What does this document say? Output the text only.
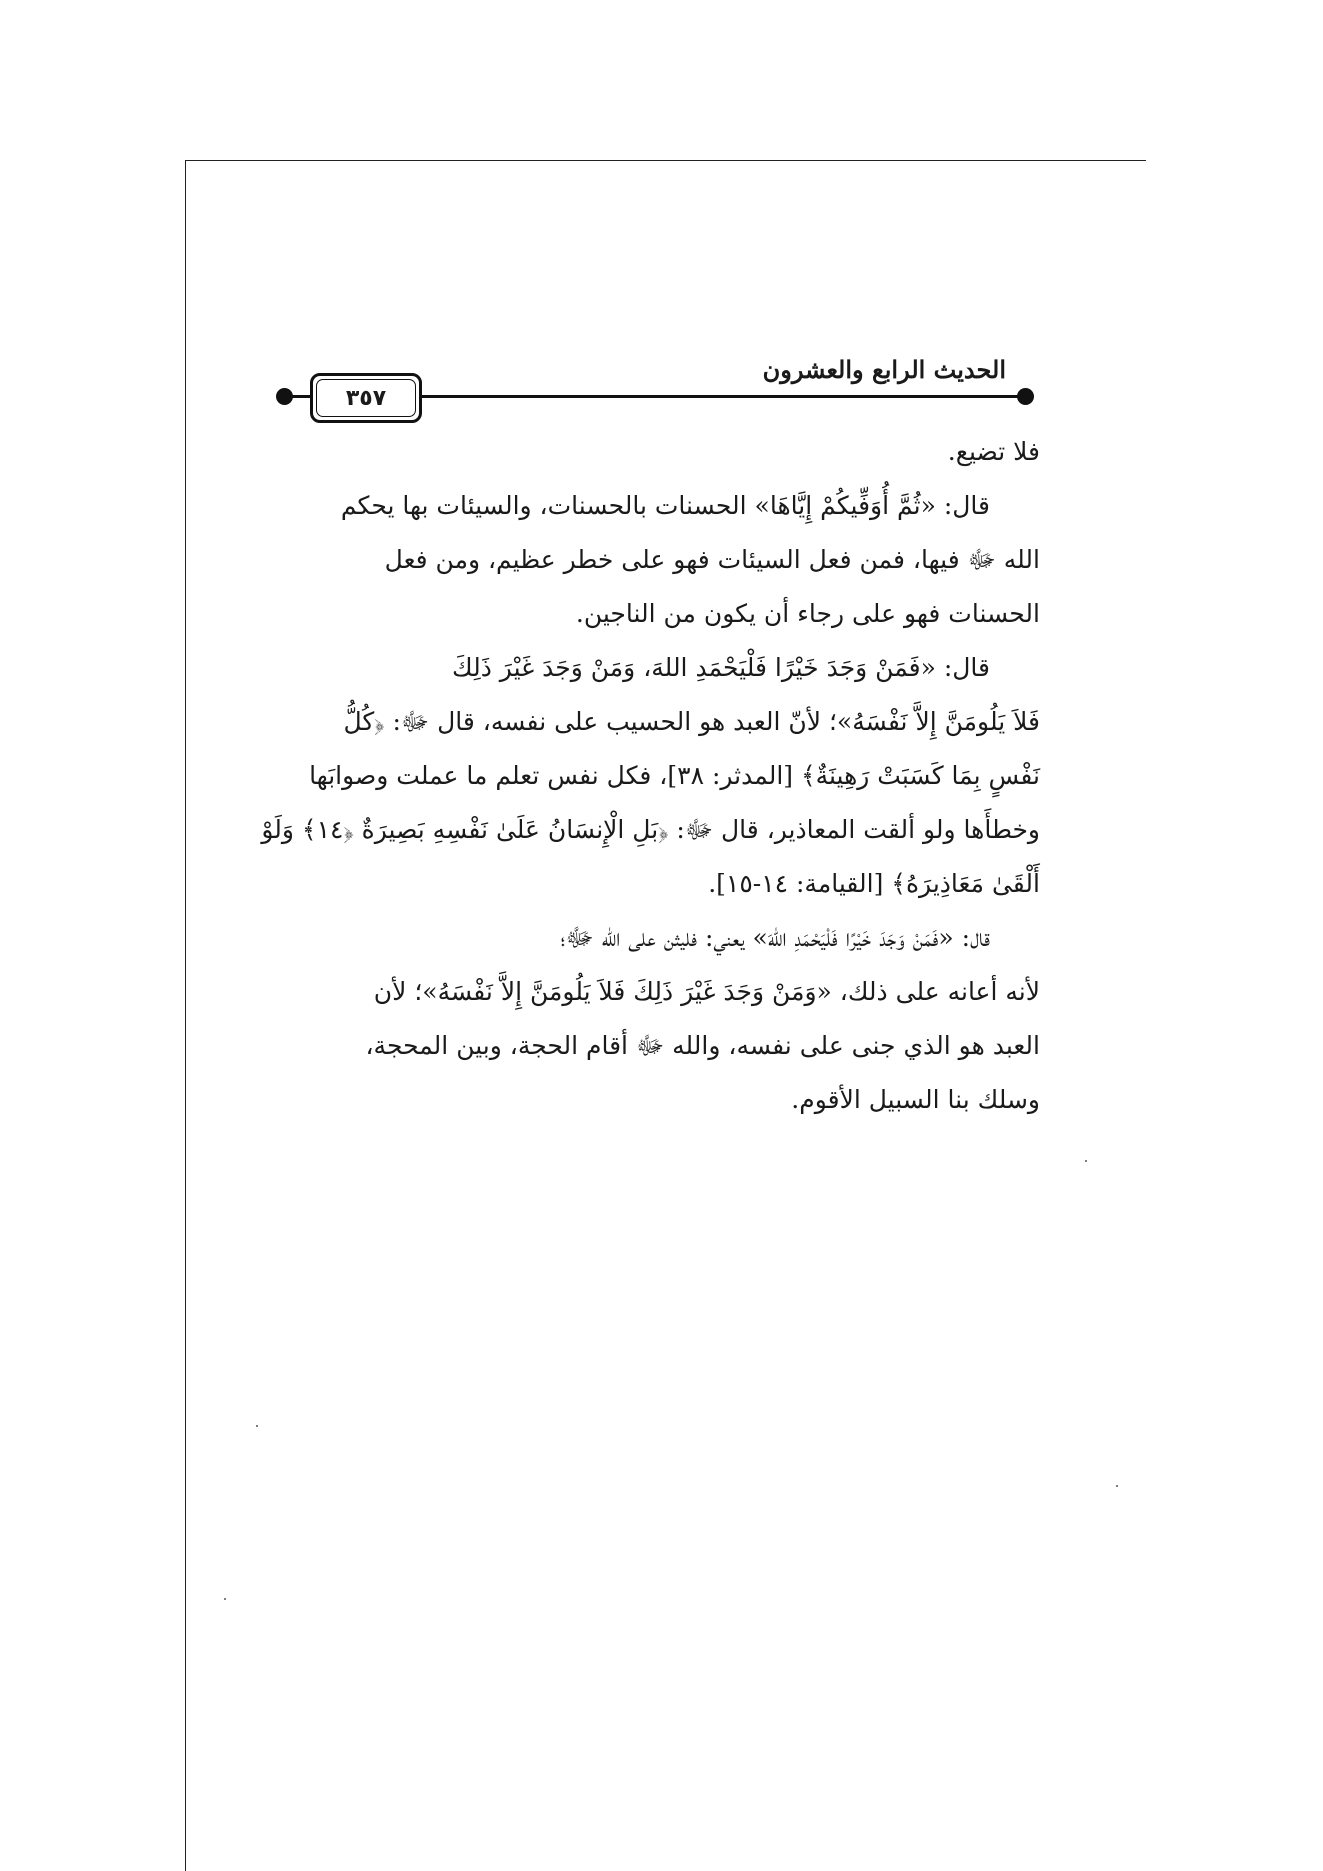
٣٥٧
الحديث الرابع والعشرون
فلا تضيع.
قال: «ثُمَّ أُوَفِّيكُمْ إِيَّاهَا» الحسنات بالحسنات، والسيئات بها يحكم
الله ﷻ فيها، فمن فعل السيئات فهو على خطر عظيم، ومن فعل
الحسنات فهو على رجاء أن يكون من الناجين.
قال: «فَمَنْ وَجَدَ خَيْرًا فَلْيَحْمَدِ اللهَ، وَمَنْ وَجَدَ غَيْرَ ذَلِكَ
فَلاَ يَلُومَنَّ إِلاَّ نَفْسَهُ»؛ لأنّ العبد هو الحسيب على نفسه، قال ﷻ: ﴿كُلُّ
نَفْسٍ بِمَا كَسَبَتْ رَهِينَةٌ﴾ [المدثر: ٣٨]، فكل نفس تعلم ما عملت وصوابَها
وخطأَها ولو ألقت المعاذير، قال ﷻ: ﴿بَلِ الْإِنسَانُ عَلَىٰ نَفْسِهِ بَصِيرَةٌ ﴿١٤﴾ وَلَوْ
أَلْقَىٰ مَعَاذِيرَهُ﴾ [القيامة: ١٤-١٥].
قال: «فَمَنْ وَجَدَ خَيْرًا فَلْيَحْمَدِ اللهَ» يعني: فليثن على الله ﷻ؛
لأنه أعانه على ذلك، «وَمَنْ وَجَدَ غَيْرَ ذَلِكَ فَلاَ يَلُومَنَّ إِلاَّ نَفْسَهُ»؛ لأن
العبد هو الذي جنى على نفسه، والله ﷻ أقام الحجة، وبين المحجة،
وسلك بنا السبيل الأقوم.
